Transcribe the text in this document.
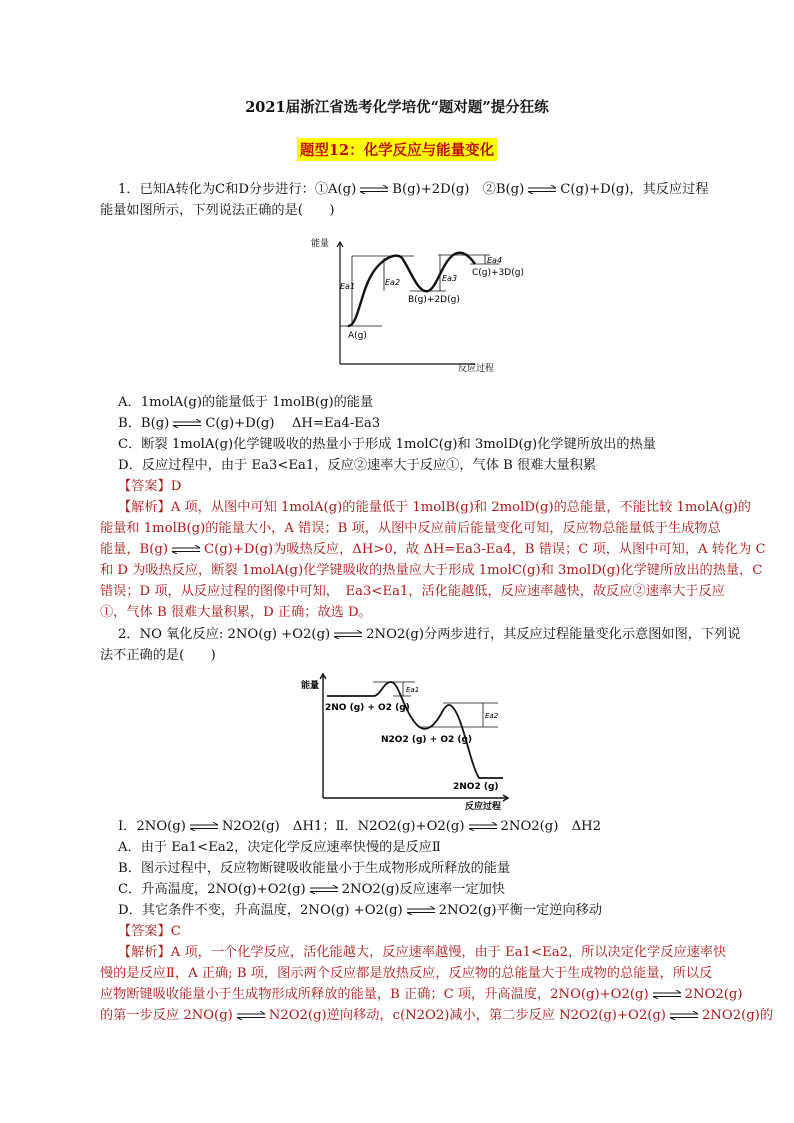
2021届浙江省选考化学培优“题对题”提分狂练
题型12：化学反应与能量变化
1．已知A转化为C和D分步进行：①A(g)	B(g)+2D(g)　②B(g)	C(g)+D(g)，其反应过程
能量如图所示，下列说法正确的是(　　)
能量
反应过程
Ea1	Ea2	Ea3
Ea4
A(g)
B(g)+2D(g)
C(g)+3D(g)
A．1molA(g)的能量低于 1molB(g)的能量
B．B(g)	C(g)+D(g)　 ΔH=Ea4-Ea3
C．断裂 1molA(g)化学键吸收的热量小于形成 1molC(g)和 3molD(g)化学键所放出的热量
D．反应过程中，由于 Ea3<Ea1，反应②速率大于反应①，气体 B 很难大量积累
【答案】D
【解析】A 项，从图中可知 1molA(g)的能量低于 1molB(g)和 2molD(g)的总能量，不能比较 1molA(g)的
能量和 1molB(g)的能量大小，A 错误；B 项，从图中反应前后能量变化可知，反应物总能量低于生成物总
能量，B(g)	C(g)+D(g)为吸热反应，ΔH>0，故 ΔH=Ea3-Ea4，B 错误；C 项，从图中可知，A 转化为 C
和 D 为吸热反应，断裂 1molA(g)化学键吸收的热量应大于形成 1molC(g)和 3molD(g)化学键所放出的热量，C
错误；D 项，从反应过程的图像中可知，　Ea3<Ea1，活化能越低，反应速率越快，故反应②速率大于反应
①，气体 B 很难大量积累，D 正确；故选 D。
2．NO 氧化反应: 2NO(g) +O2(g)	2NO2(g)分两步进行，其反应过程能量变化示意图如图，下列说
法不正确的是(　　)
能量
反应过程
Ea1
Ea2
2NO (g) + O2 (g)
N2O2 (g) + O2 (g)
2NO2 (g)
Ⅰ．2NO(g)	N2O2(g)　ΔH1；Ⅱ．N2O2(g)+O2(g)	2NO2(g)　ΔH2
A．由于 Ea1<Ea2，决定化学反应速率快慢的是反应Ⅱ
B．图示过程中，反应物断键吸收能量小于生成物形成所释放的能量
C．升高温度，2NO(g)+O2(g)	2NO2(g)反应速率一定加快
D．其它条件不变，升高温度，2NO(g) +O2(g)	2NO2(g)平衡一定逆向移动
【答案】C
【解析】A 项，一个化学反应，活化能越大，反应速率越慢，由于 Ea1<Ea2，所以决定化学反应速率快
慢的是反应Ⅱ，A 正确; B 项，图示两个反应都是放热反应，反应物的总能量大于生成物的总能量，所以反
应物断键吸收能量小于生成物形成所释放的能量，B 正确；C 项，升高温度，2NO(g)+O2(g)	2NO2(g)
的第一步反应 2NO(g)	N2O2(g)逆向移动，c(N2O2)减小，第二步反应 N2O2(g)+O2(g)	2NO2(g)的
